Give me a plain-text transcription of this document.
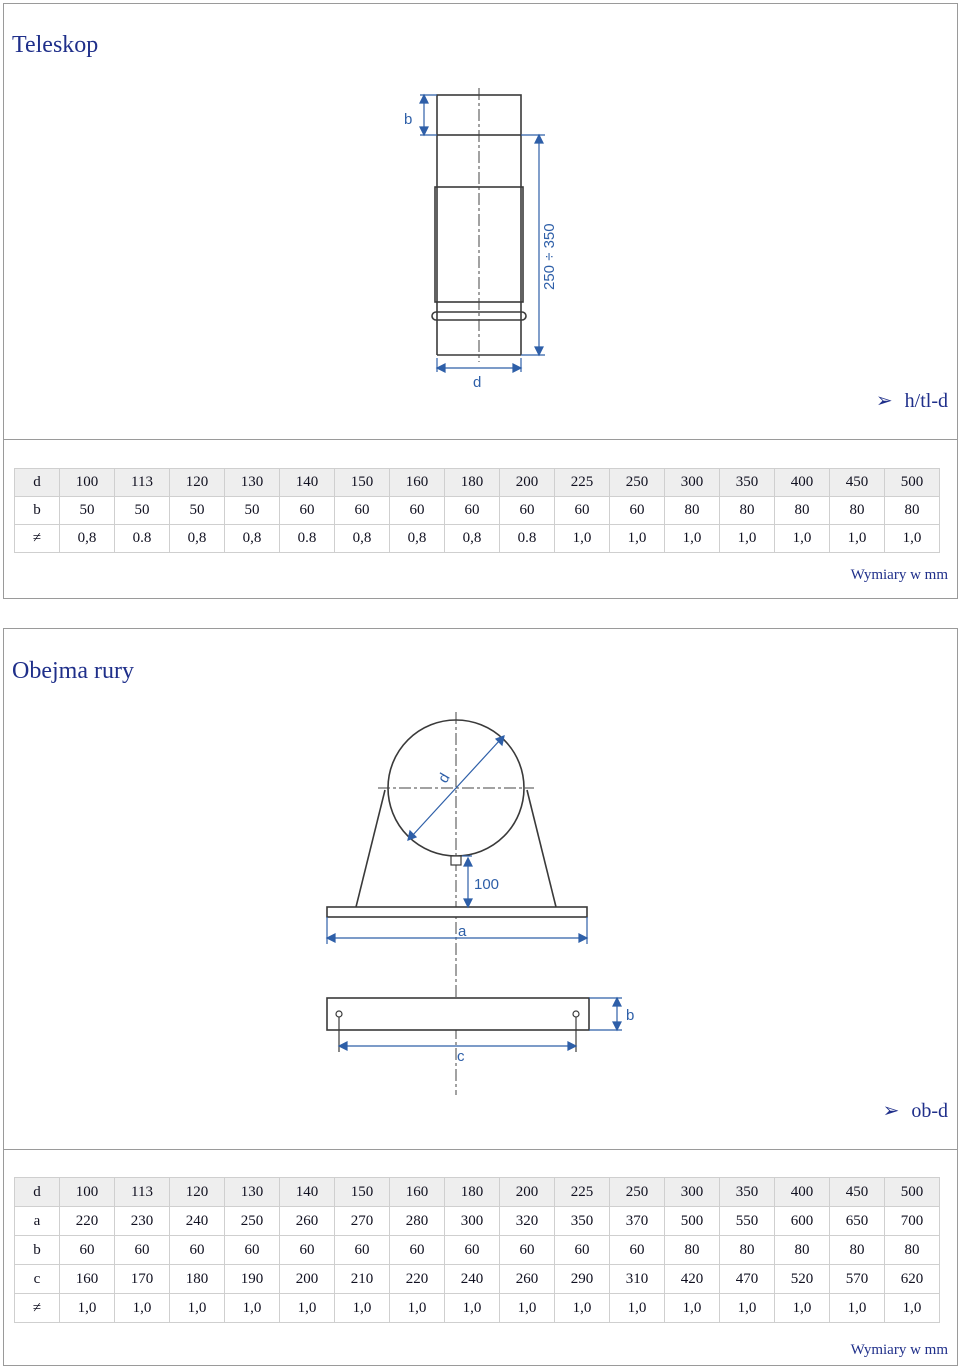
Teleskop
b
250 ÷ 350
d
➢ h/tl-d
d	100	113	120	130	140	150	160	180	200	225	250	300	350	400	450	500
b	50	50	50	50	60	60	60	60	60	60	60	80	80	80	80	80
≠	0,8	0.8	0,8	0,8	0.8	0,8	0,8	0,8	0.8	1,0	1,0	1,0	1,0	1,0	1,0	1,0
Wymiary w mm
Obejma rury
d
100
a
b
c
➢ ob-d
d	100	113	120	130	140	150	160	180	200	225	250	300	350	400	450	500
a	220	230	240	250	260	270	280	300	320	350	370	500	550	600	650	700
b	60	60	60	60	60	60	60	60	60	60	60	80	80	80	80	80
c	160	170	180	190	200	210	220	240	260	290	310	420	470	520	570	620
≠	1,0	1,0	1,0	1,0	1,0	1,0	1,0	1,0	1,0	1,0	1,0	1,0	1,0	1,0	1,0	1,0
Wymiary w mm
